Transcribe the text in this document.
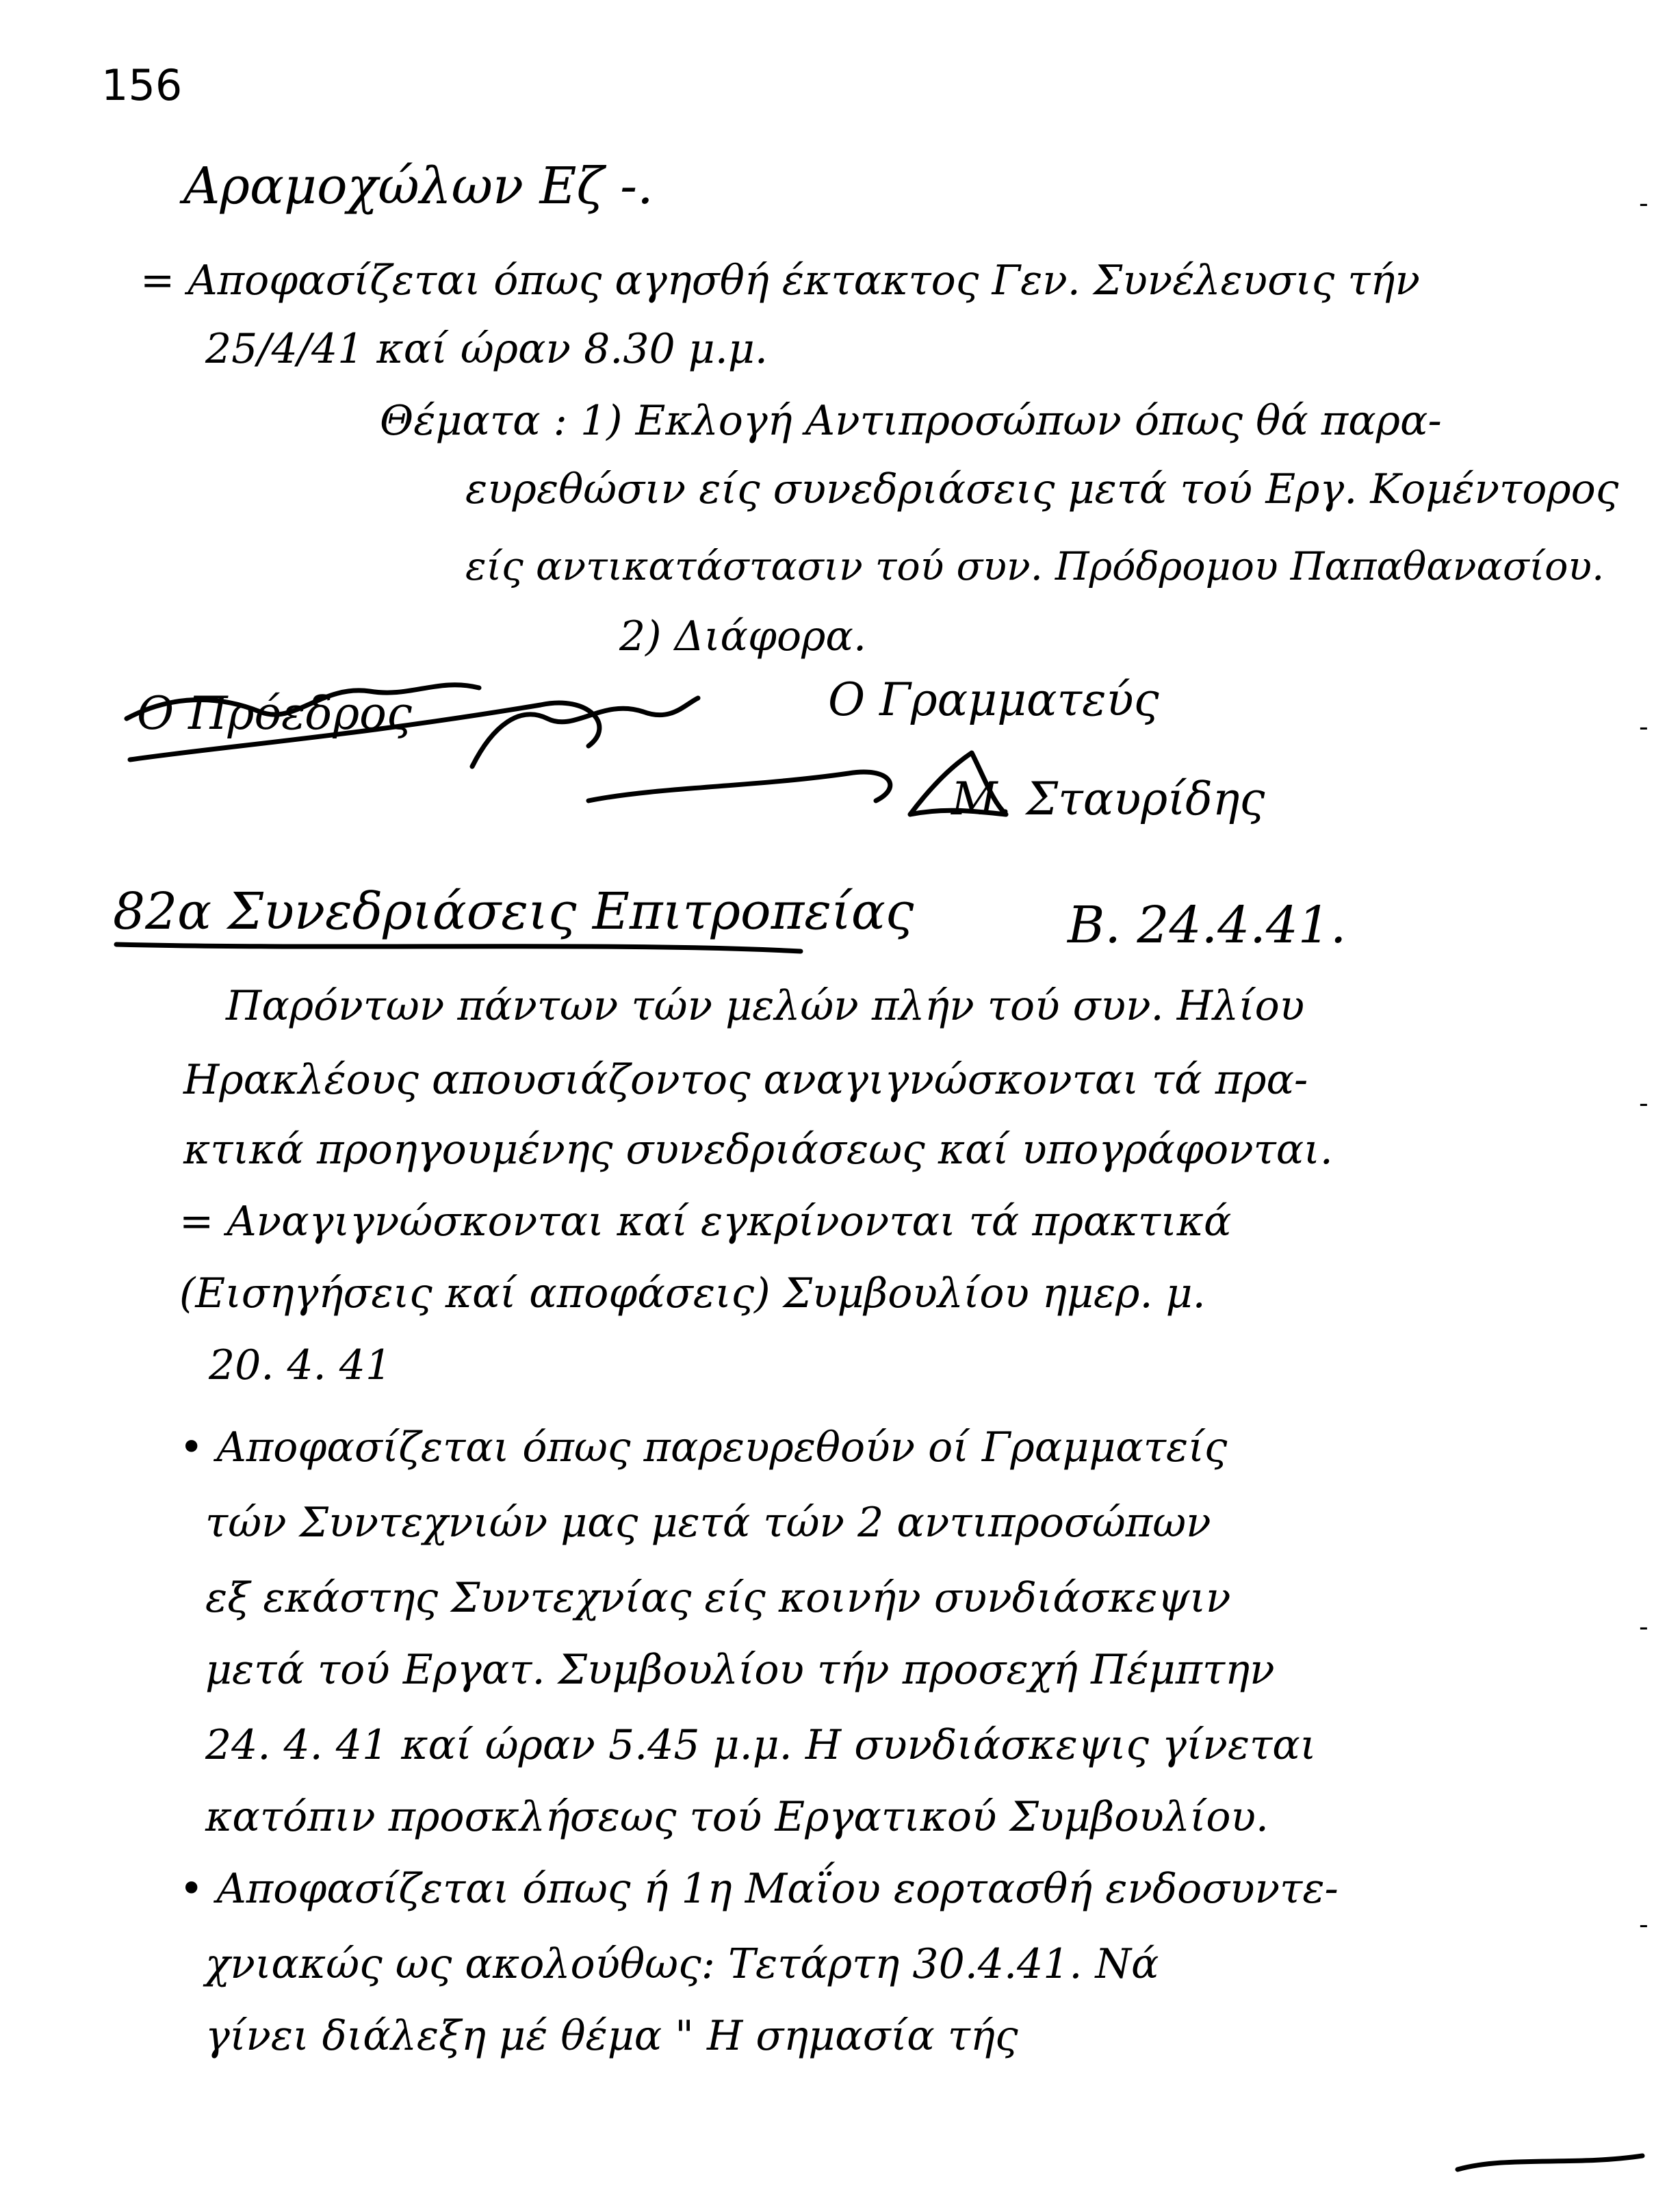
156
Αραμοχώλων Εζ -.
= Αποφασίζεται όπως αγησθή έκτακτος Γεν. Συνέλευσις τήν
25/4/41 καί ώραν 8.30 μ.μ.
Θέματα : 1) Εκλογή Αντιπροσώπων όπως θά παρα-
ευρεθώσιν είς συνεδριάσεις μετά τού Εργ. Κομέντορος
είς αντικατάστασιν τού συν. Πρόδρομου Παπαθανασίου.
2) Διάφορα.
Ο Πρόεδρος	Ο Γραμματεύς
Μ. Σταυρίδης
82α Συνεδριάσεις Επιτροπείας	Β. 24.4.41.
Παρόντων πάντων τών μελών πλήν τού συν. Ηλίου
Ηρακλέους απουσιάζοντος αναγιγνώσκονται τά πρα-
κτικά προηγουμένης συνεδριάσεως καί υπογράφονται.
= Αναγιγνώσκονται καί εγκρίνονται τά πρακτικά
(Εισηγήσεις καί αποφάσεις) Συμβουλίου ημερ. μ.
20. 4. 41
• Αποφασίζεται όπως παρευρεθούν οί Γραμματείς
τών Συντεχνιών μας μετά τών 2 αντιπροσώπων
εξ εκάστης Συντεχνίας είς κοινήν συνδιάσκεψιν
μετά τού Εργατ. Συμβουλίου τήν προσεχή Πέμπτην
24. 4. 41 καί ώραν 5.45 μ.μ. Η συνδιάσκεψις γίνεται
κατόπιν προσκλήσεως τού Εργατικού Συμβουλίου.
• Αποφασίζεται όπως ή 1η Μαΐου εορτασθή ενδοσυντε-
χνιακώς ως ακολούθως: Τετάρτη 30.4.41. Νά
γίνει διάλεξη μέ θέμα " Η σημασία τής
-
-
-
-
-
